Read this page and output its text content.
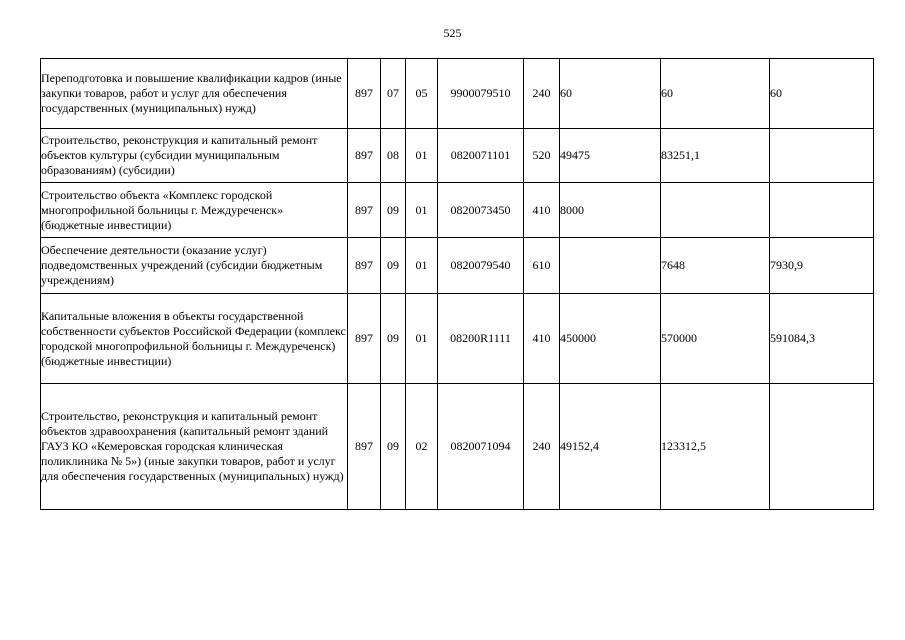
525
Переподготовка и повышение квалификации кадров (иные закупки товаров, работ и услуг для обеспечения государственных (муниципальных) нужд)	897	07	05	9900079510	240	60	60	60
Строительство, реконструкция и капитальный ремонт объектов культуры (субсидии муниципальным образованиям) (субсидии)	897	08	01	0820071101	520	49475	83251,1	
Строительство объекта «Комплекс городской многопрофильной больницы г. Междуреченск» (бюджетные инвестиции)	897	09	01	0820073450	410	8000		
Обеспечение деятельности (оказание услуг) подведомственных учреждений (субсидии бюджетным учреждениям)	897	09	01	0820079540	610		7648	7930,9
Капитальные вложения в объекты государственной собственности субъектов Российской Федерации (комплекс городской многопрофильной больницы г. Междуреченск) (бюджетные инвестиции)	897	09	01	08200R1111	410	450000	570000	591084,3
Строительство, реконструкция и капитальный ремонт объектов здравоохранения (капитальный ремонт зданий ГАУЗ КО «Кемеровская городская клиническая поликлиника № 5») (иные закупки товаров, работ и услуг для обеспечения государственных (муниципальных) нужд)	897	09	02	0820071094	240	49152,4	123312,5	
